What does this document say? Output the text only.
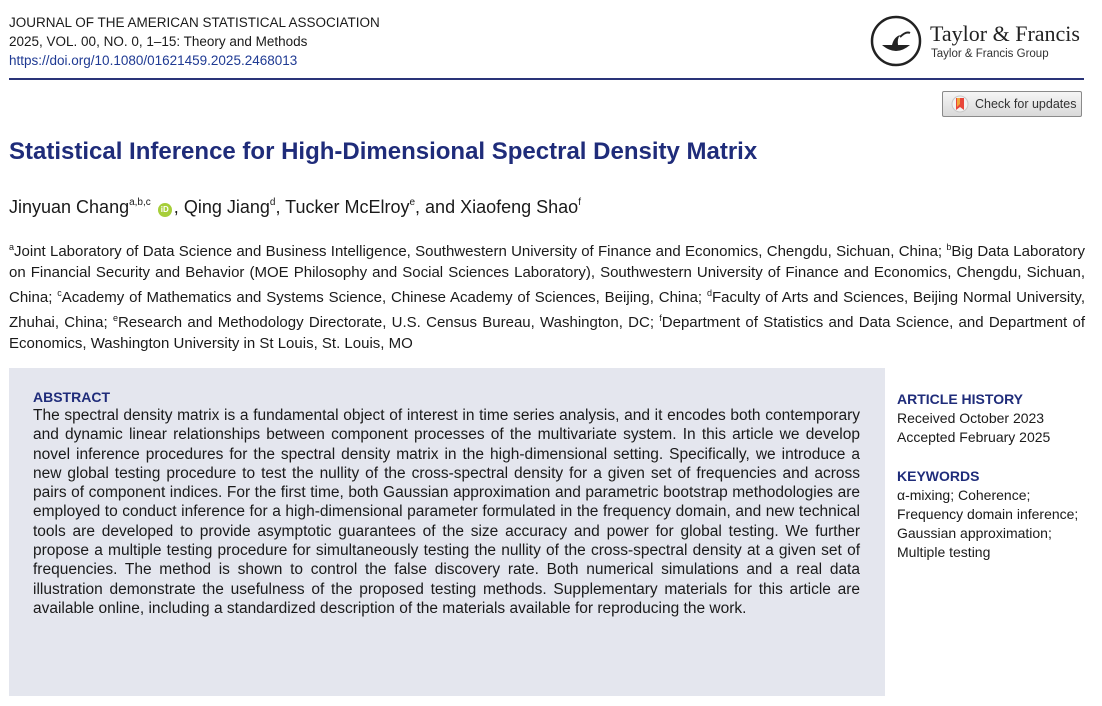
JOURNAL OF THE AMERICAN STATISTICAL ASSOCIATION
2025, VOL. 00, NO. 0, 1–15: Theory and Methods
https://doi.org/10.1080/01621459.2025.2468013
Taylor & Francis
Taylor & Francis Group
Check for updates
Statistical Inference for High-Dimensional Spectral Density Matrix
Jinyuan Chang$^{a,b,c}$ iD , Qing Jiang$^d$, Tucker McElroy$^e$, and Xiaofeng Shao$^f$
$^a$Joint Laboratory of Data Science and Business Intelligence, Southwestern University of Finance and Economics, Chengdu, Sichuan, China; $^b$Big Data Laboratory on Financial Security and Behavior (MOE Philosophy and Social Sciences Laboratory), Southwestern University of Finance and Economics, Chengdu, Sichuan, China; $^c$Academy of Mathematics and Systems Science, Chinese Academy of Sciences, Beijing, China; $^d$Faculty of Arts and Sciences, Beijing Normal University, Zhuhai, China; $^e$Research and Methodology Directorate, U.S. Census Bureau, Washington, DC; $^f$Department of Statistics and Data Science, and Department of Economics, Washington University in St Louis, St. Louis, MO
ABSTRACT
The spectral density matrix is a fundamental object of interest in time series analysis, and it encodes both contemporary and dynamic linear relationships between component processes of the multivariate system. In this article we develop novel inference procedures for the spectral density matrix in the high-dimensional setting. Specifically, we introduce a new global testing procedure to test the nullity of the cross-spectral density for a given set of frequencies and across pairs of component indices. For the first time, both Gaussian approximation and parametric bootstrap methodologies are employed to conduct inference for a high-dimensional parameter formulated in the frequency domain, and new technical tools are developed to provide asymptotic guarantees of the size accuracy and power for global testing. We further propose a multiple testing procedure for simultaneously testing the nullity of the cross-spectral density at a given set of frequencies. The method is shown to control the false discovery rate. Both numerical simulations and a real data illustration demonstrate the usefulness of the proposed testing methods. Supplementary materials for this article are available online, including a standardized description of the materials available for reproducing the work.
ARTICLE HISTORY
Received October 2023
Accepted February 2025
KEYWORDS
α-mixing; Coherence;
Frequency domain inference;
Gaussian approximation;
Multiple testing
